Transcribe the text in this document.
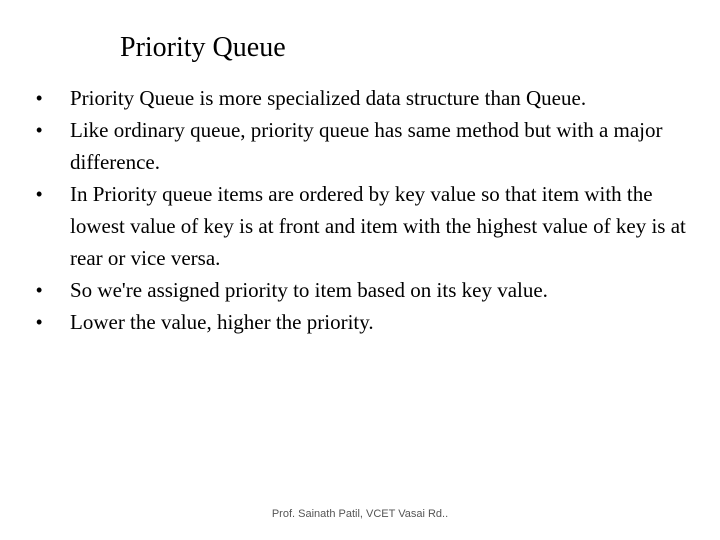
Priority Queue
•	Priority Queue is more specialized data structure than Queue.
•	Like ordinary queue, priority queue has same method but with a major difference.
•	In Priority queue items are ordered by key value so that item with the lowest value of key is at front and item with the highest value of key is at rear or vice versa.
•	So we're assigned priority to item based on its key value.
•	Lower the value, higher the priority.
Prof. Sainath Patil, VCET Vasai Rd..
